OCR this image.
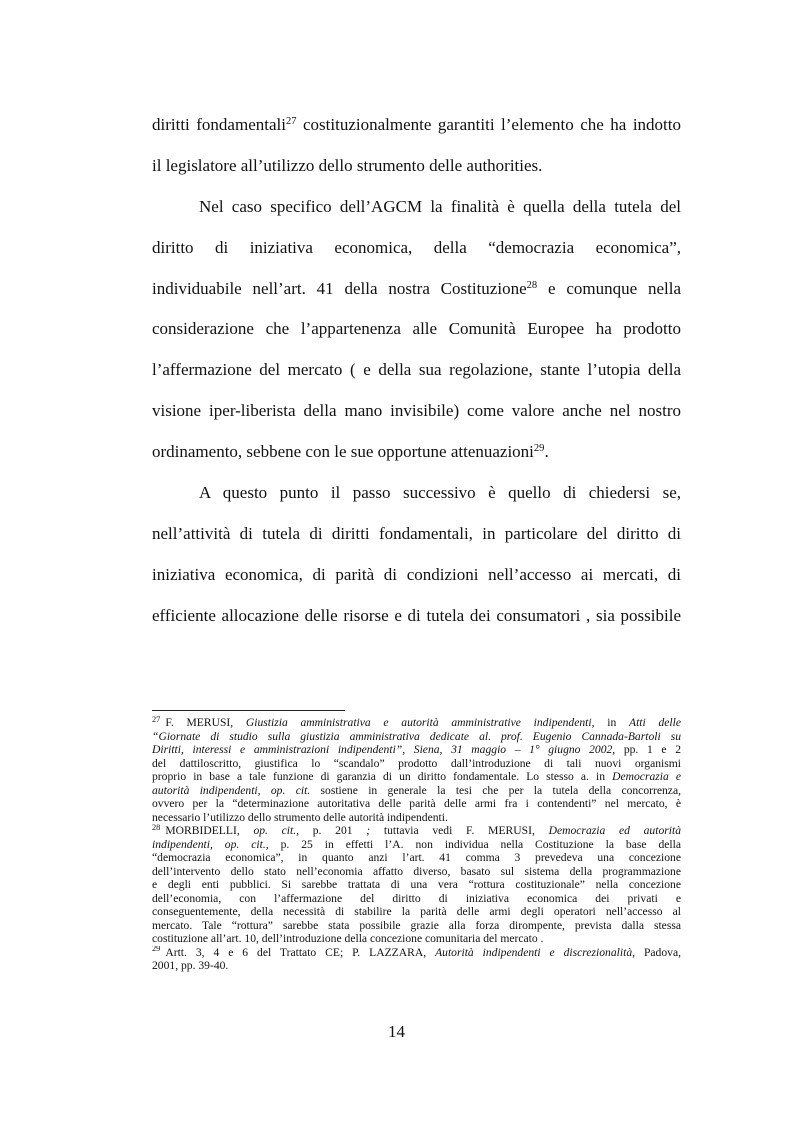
diritti fondamentali$^{27}$ costituzionalmente garantiti l’elemento che ha indotto
il legislatore all’utilizzo dello strumento delle authorities.
Nel caso specifico dell’AGCM la finalità è quella della tutela del
diritto di iniziativa economica, della “democrazia economica”,
individuabile nell’art. 41 della nostra Costituzione$^{28}$ e comunque nella
considerazione che l’appartenenza alle Comunità Europee ha prodotto
l’affermazione del mercato ( e della sua regolazione, stante l’utopia della
visione iper-liberista della mano invisibile) come valore anche nel nostro
ordinamento, sebbene con le sue opportune attenuazioni$^{29}$.
A questo punto il passo successivo è quello di chiedersi se,
nell’attività di tutela di diritti fondamentali, in particolare del diritto di
iniziativa economica, di parità di condizioni nell’accesso ai mercati, di
efficiente allocazione delle risorse e di tutela dei consumatori , sia possibile
$^{27}$ F. MERUSI, Giustizia amministrativa e autorità amministrative indipendenti, in Atti delle
“Giornate di studio sulla giustizia amministrativa dedicate al. prof. Eugenio Cannada-Bartoli su
Diritti, interessi e amministrazioni indipendenti”, Siena, 31 maggio – 1° giugno 2002, pp. 1 e 2
del dattiloscritto, giustifica lo “scandalo” prodotto dall’introduzione di tali nuovi organismi
proprio in base a tale funzione di garanzia di un diritto fondamentale. Lo stesso a. in Democrazia e
autorità indipendenti, op. cit. sostiene in generale la tesi che per la tutela della concorrenza,
ovvero per la “determinazione autoritativa delle parità delle armi fra i contendenti” nel mercato, è
necessario l’utilizzo dello strumento delle autorità indipendenti.
$^{28}$ MORBIDELLI, op. cit., p. 201 ; tuttavia vedi F. MERUSI, Democrazia ed autorità
indipendenti, op. cit., p. 25 in effetti l’A. non individua nella Costituzione la base della
“democrazia economica”, in quanto anzi l’art. 41 comma 3 prevedeva una concezione
dell’intervento dello stato nell’economia affatto diverso, basato sul sistema della programmazione
e degli enti pubblici. Si sarebbe trattata di una vera “rottura costituzionale” nella concezione
dell’economia, con l’affermazione del diritto di iniziativa economica dei privati e
conseguentemente, della necessità di stabilire la parità delle armi degli operatori nell’accesso al
mercato. Tale “rottura” sarebbe stata possibile grazie alla forza dirompente, prevista dalla stessa
costituzione all’art. 10, dell’introduzione della concezione comunitaria del mercato .
$^{29}$ Artt. 3, 4 e 6 del Trattato CE; P. LAZZARA, Autorità indipendenti e discrezionalità, Padova,
2001, pp. 39-40.
14
